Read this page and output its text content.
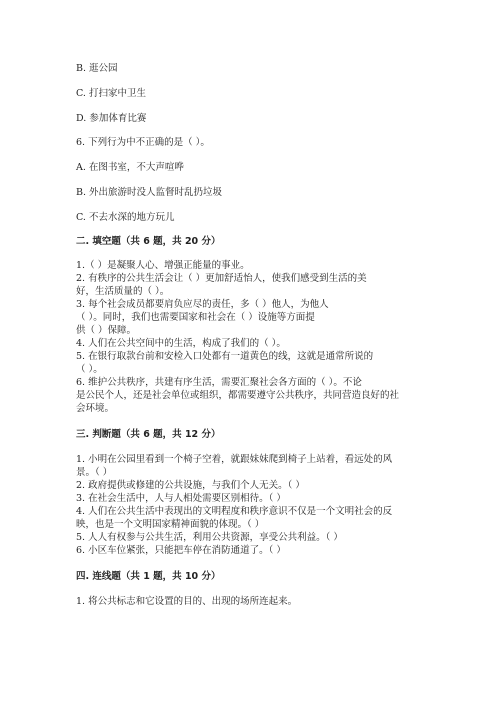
B. 逛公园
C. 打扫家中卫生
D. 参加体育比赛
6. 下列行为中不正确的是（ ）。
A. 在图书室，不大声喧哗
B. 外出旅游时没人监督时乱扔垃圾
C. 不去水深的地方玩儿
二. 填空题（共 6 题，共 20 分）
1.（ ）是凝聚人心、增强正能量的事业。
2. 有秩序的公共生活会让（ ）更加舒适怡人，使我们感受到生活的美
好，生活质量的（ ）。
3. 每个社会成员都要肩负应尽的责任，多（ ）他人，为他人
（ ）。同时，我们也需要国家和社会在（ ）设施等方面提
供（ ）保障。
4. 人们在公共空间中的生活，构成了我们的（ ）。
5. 在银行取款台前和安检入口处都有一道黄色的线，这就是通常所说的
（ ）。
6. 维护公共秩序，共建有序生活，需要汇聚社会各方面的（ ）。不论
是公民个人，还是社会单位或组织，都需要遵守公共秩序，共同营造良好的社
会环境。
三. 判断题（共 6 题，共 12 分）
1. 小明在公园里看到一个椅子空着，就跟妹妹爬到椅子上站着，看远处的风
景。（ ）
2. 政府提供或修建的公共设施，与我们个人无关。（ ）
3. 在社会生活中，人与人相处需要区别相待。（ ）
4. 人们在公共生活中表现出的文明程度和秩序意识不仅是一个文明社会的反
映，也是一个文明国家精神面貌的体现。（ ）
5. 人人有权参与公共生活，利用公共资源，享受公共利益。（ ）
6. 小区车位紧张，只能把车停在消防通道了。（ ）
四. 连线题（共 1 题，共 10 分）
1. 将公共标志和它设置的目的、出现的场所连起来。
